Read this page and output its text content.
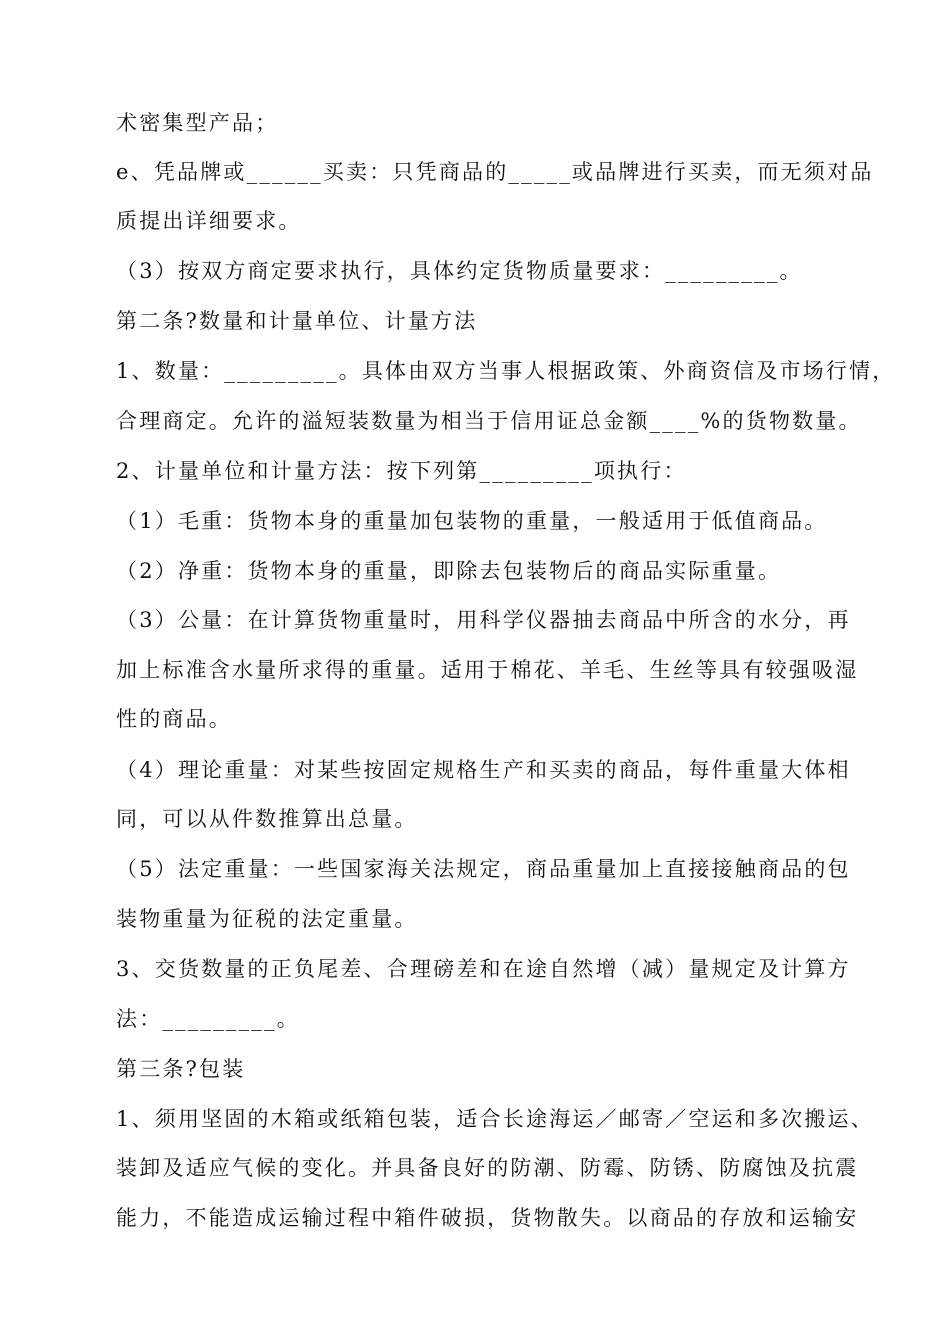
术密集型产品；
e、凭品牌或______买卖：只凭商品的_____或品牌进行买卖，而无须对品
质提出详细要求。
（3）按双方商定要求执行，具体约定货物质量要求：_________。
第二条?数量和计量单位、计量方法
1、数量：_________。具体由双方当事人根据政策、外商资信及市场行情，
合理商定。允许的溢短装数量为相当于信用证总金额____%的货物数量。
2、计量单位和计量方法：按下列第_________项执行：
（1）毛重：货物本身的重量加包装物的重量，一般适用于低值商品。
（2）净重：货物本身的重量，即除去包装物后的商品实际重量。
（3）公量：在计算货物重量时，用科学仪器抽去商品中所含的水分，再
加上标准含水量所求得的重量。适用于棉花、羊毛、生丝等具有较强吸湿
性的商品。
（4）理论重量：对某些按固定规格生产和买卖的商品，每件重量大体相
同，可以从件数推算出总量。
（5）法定重量：一些国家海关法规定，商品重量加上直接接触商品的包
装物重量为征税的法定重量。
3、交货数量的正负尾差、合理磅差和在途自然增（减）量规定及计算方
法：_________。
第三条?包装
1、须用坚固的木箱或纸箱包装，适合长途海运／邮寄／空运和多次搬运、
装卸及适应气候的变化。并具备良好的防潮、防霉、防锈、防腐蚀及抗震
能力，不能造成运输过程中箱件破损，货物散失。以商品的存放和运输安
